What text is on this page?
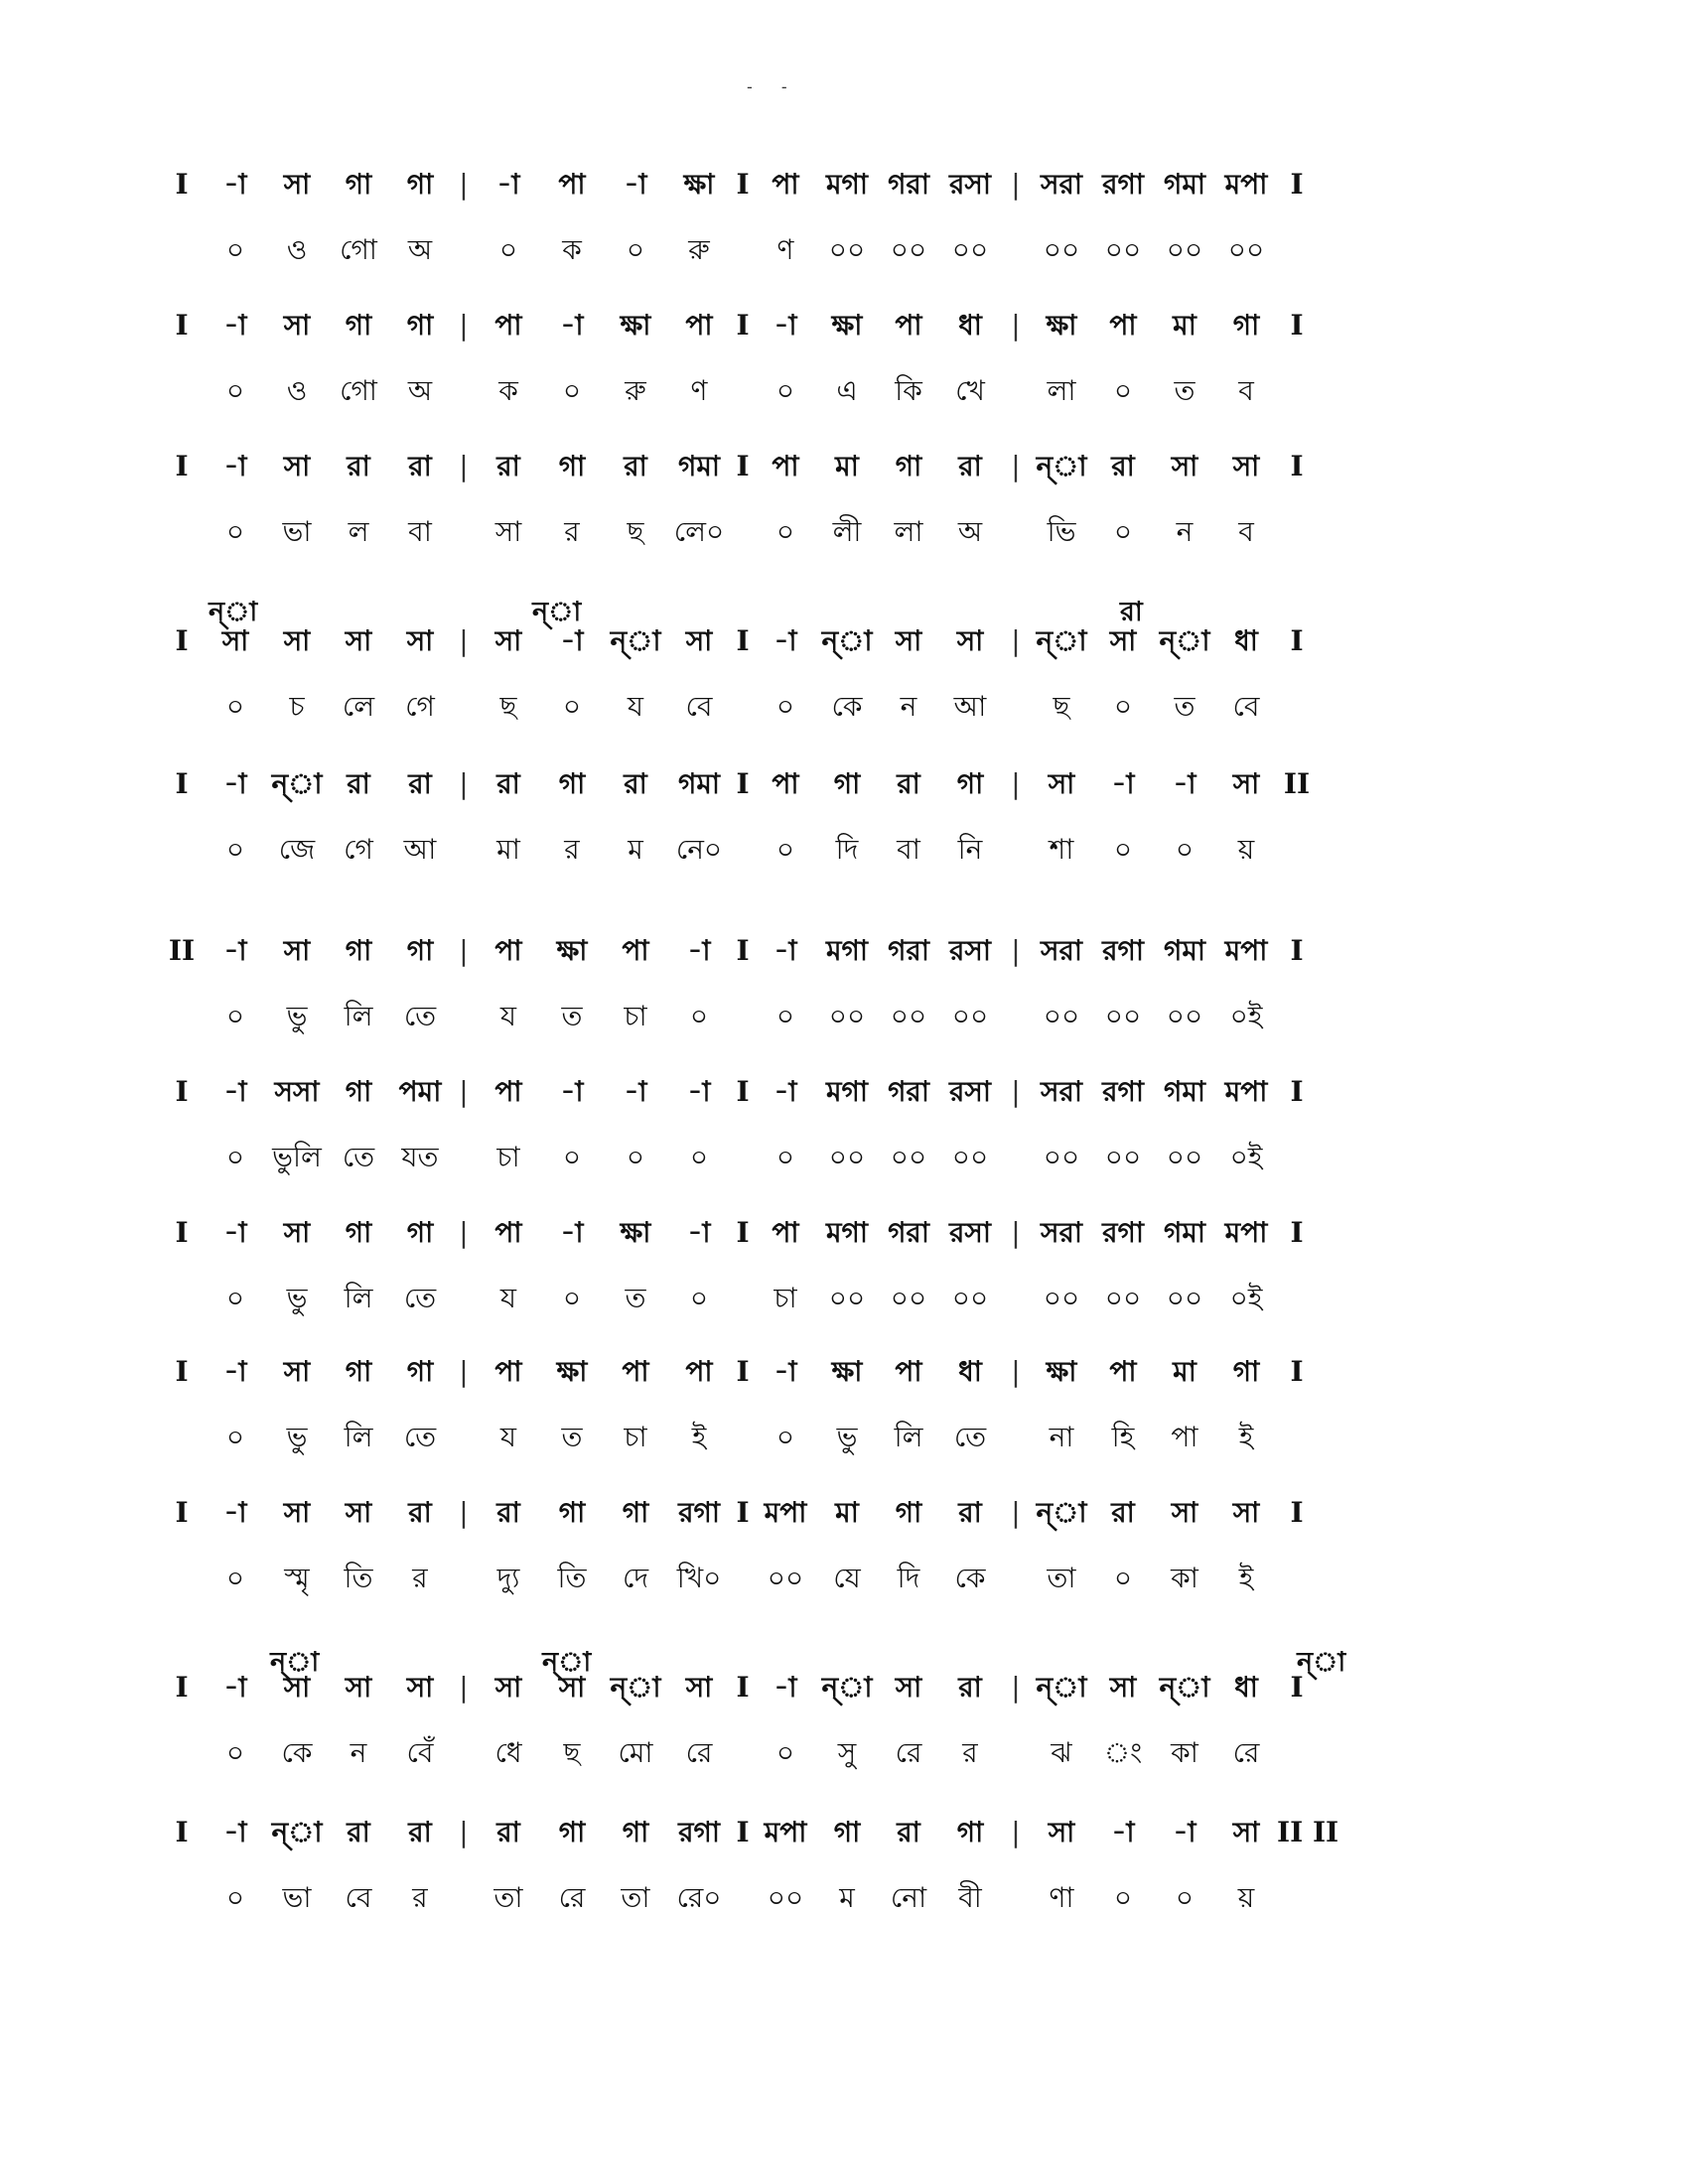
- -
I	-া	সা	গা	গা |	-া	পা	-া	ক্ষা I পা মগা গরা রসা | সরা রগা গমা মপা I
০	ও	গো	অ	০	ক	০	রু	ণ	০০ ০০ ০০	০০ ০০ ০০ ০০
I	-া	সা	গা	গা | পা	-া	ক্ষা	পা I -া	ক্ষা	পা	ধা	| ক্ষা	পা	মা	গা	I
০	ও	গো	অ	ক	০	রু	ণ	০	এ	কি	খে	লা	০	ত	ব
I	-া	সা	রা	রা |	রা	গা	রা	গমা I পা	মা	গা	রা	| ন্‌া রা	সা	সা	I
০	ভা	ল	বা	সা	র	ছ	লে০	০	লী	লা	অ	ভি	০	ন	ব
ন্‌া	ন্‌া	রা
I	সা	সা	সা	সা | সা	-া ন্‌া সা I -া ন্‌া সা	সা | ন্‌া সা ন্‌া ধা	I
০	চ	লে	গে	ছ	০	য	বে	০	কে	ন	আ	ছ	০	ত	বে
I	-া ন্‌া রা	রা |	রা	গা	রা	গমা I পা	গা	রা	গা	| সা	-া	-া	সা II
০	জে	গে	আ	মা	র	ম	নে০	০	দি	বা	নি	শা	০	০	য়
II	-া	সা	গা	গা | পা	ক্ষা	পা	-া I -া	মগা গরা রসা | সরা রগা গমা মপা I
০	ভু	লি	তে	য	ত	চা	০	০	০০ ০০ ০০	০০ ০০ ০০ ০ই
I	-া সসা গা পমা | পা	-া	-া	-া I -া	মগা গরা রসা | সরা রগা গমা মপা I
০	ভুলি তে যত	চা	০	০	০	০	০০ ০০ ০০	০০ ০০ ০০ ০ই
I	-া	সা	গা	গা | পা	-া	ক্ষা	-া I পা মগা গরা রসা | সরা রগা গমা মপা I
০	ভু	লি	তে	য	০	ত	০	চা	০০ ০০ ০০	০০ ০০ ০০ ০ই
I	-া	সা	গা	গা | পা	ক্ষা	পা	পা I -া	ক্ষা	পা	ধা	| ক্ষা	পা	মা	গা	I
০	ভু	লি	তে	য	ত	চা	ই	০	ভু	লি	তে	না	হি	পা	ই
I	-া	সা	সা	রা |	রা	গা	গা	রগা I মপা	মা	গা	রা	| ন্‌া রা	সা	সা	I
০	স্মৃ	তি	র	দ্যু	তি	দে	খি০	০০	যে	দি	কে	তা	০	কা	ই
ন্‌া	ন্‌া	ন্‌া
I	-া	সা	সা	সা | সা	সা ন্‌া সা I -া ন্‌া সা	রা	| ন্‌া সা ন্‌া ধা	I
০	কে	ন	বেঁ	ধে	ছ	মো	রে	০	সু	রে	র	ঝ	ং	কা	রে
I	-া ন্‌া রা	রা |	রা	গা	গা	রগা I মপা গা	রা	গা	| সা	-া	-া	সা II II
০	ভা	বে	র	তা	রে	তা রে০	০০	ম	নো	বী	ণা	০	০	য়
